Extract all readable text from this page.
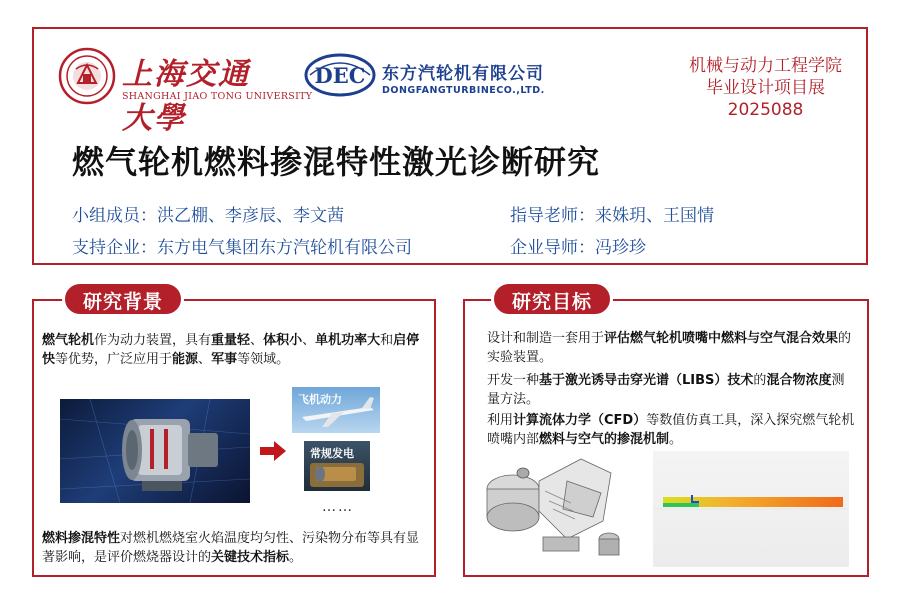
上海交通大學
SHANGHAI JIAO TONG UNIVERSITY
DEC 东方汽轮机有限公司
DONGFANGTURBINECO.,LTD.
机械与动力工程学院
毕业设计项目展
2025088
燃气轮机燃料掺混特性激光诊断研究
小组成员：洪乙棚、李彦辰、李文茜	指导老师：来姝玥、王国情
支持企业：东方电气集团东方汽轮机有限公司	企业导师：冯珍珍
研究背景
燃气轮机作为动力装置，具有重量轻、体积小、单机功率大和启停快等优势，广泛应用于能源、军事等领域。
飞机动力
常规发电
……
燃料掺混特性对燃机燃烧室火焰温度均匀性、污染物分布等具有显著影响，是评价燃烧器设计的关键技术指标。
研究目标
设计和制造一套用于评估燃气轮机喷嘴中燃料与空气混合效果的实验装置。
开发一种基于激光诱导击穿光谱（LIBS）技术的混合物浓度测量方法。
利用计算流体力学（CFD）等数值仿真工具，深入探究燃气轮机喷嘴内部燃料与空气的掺混机制。
